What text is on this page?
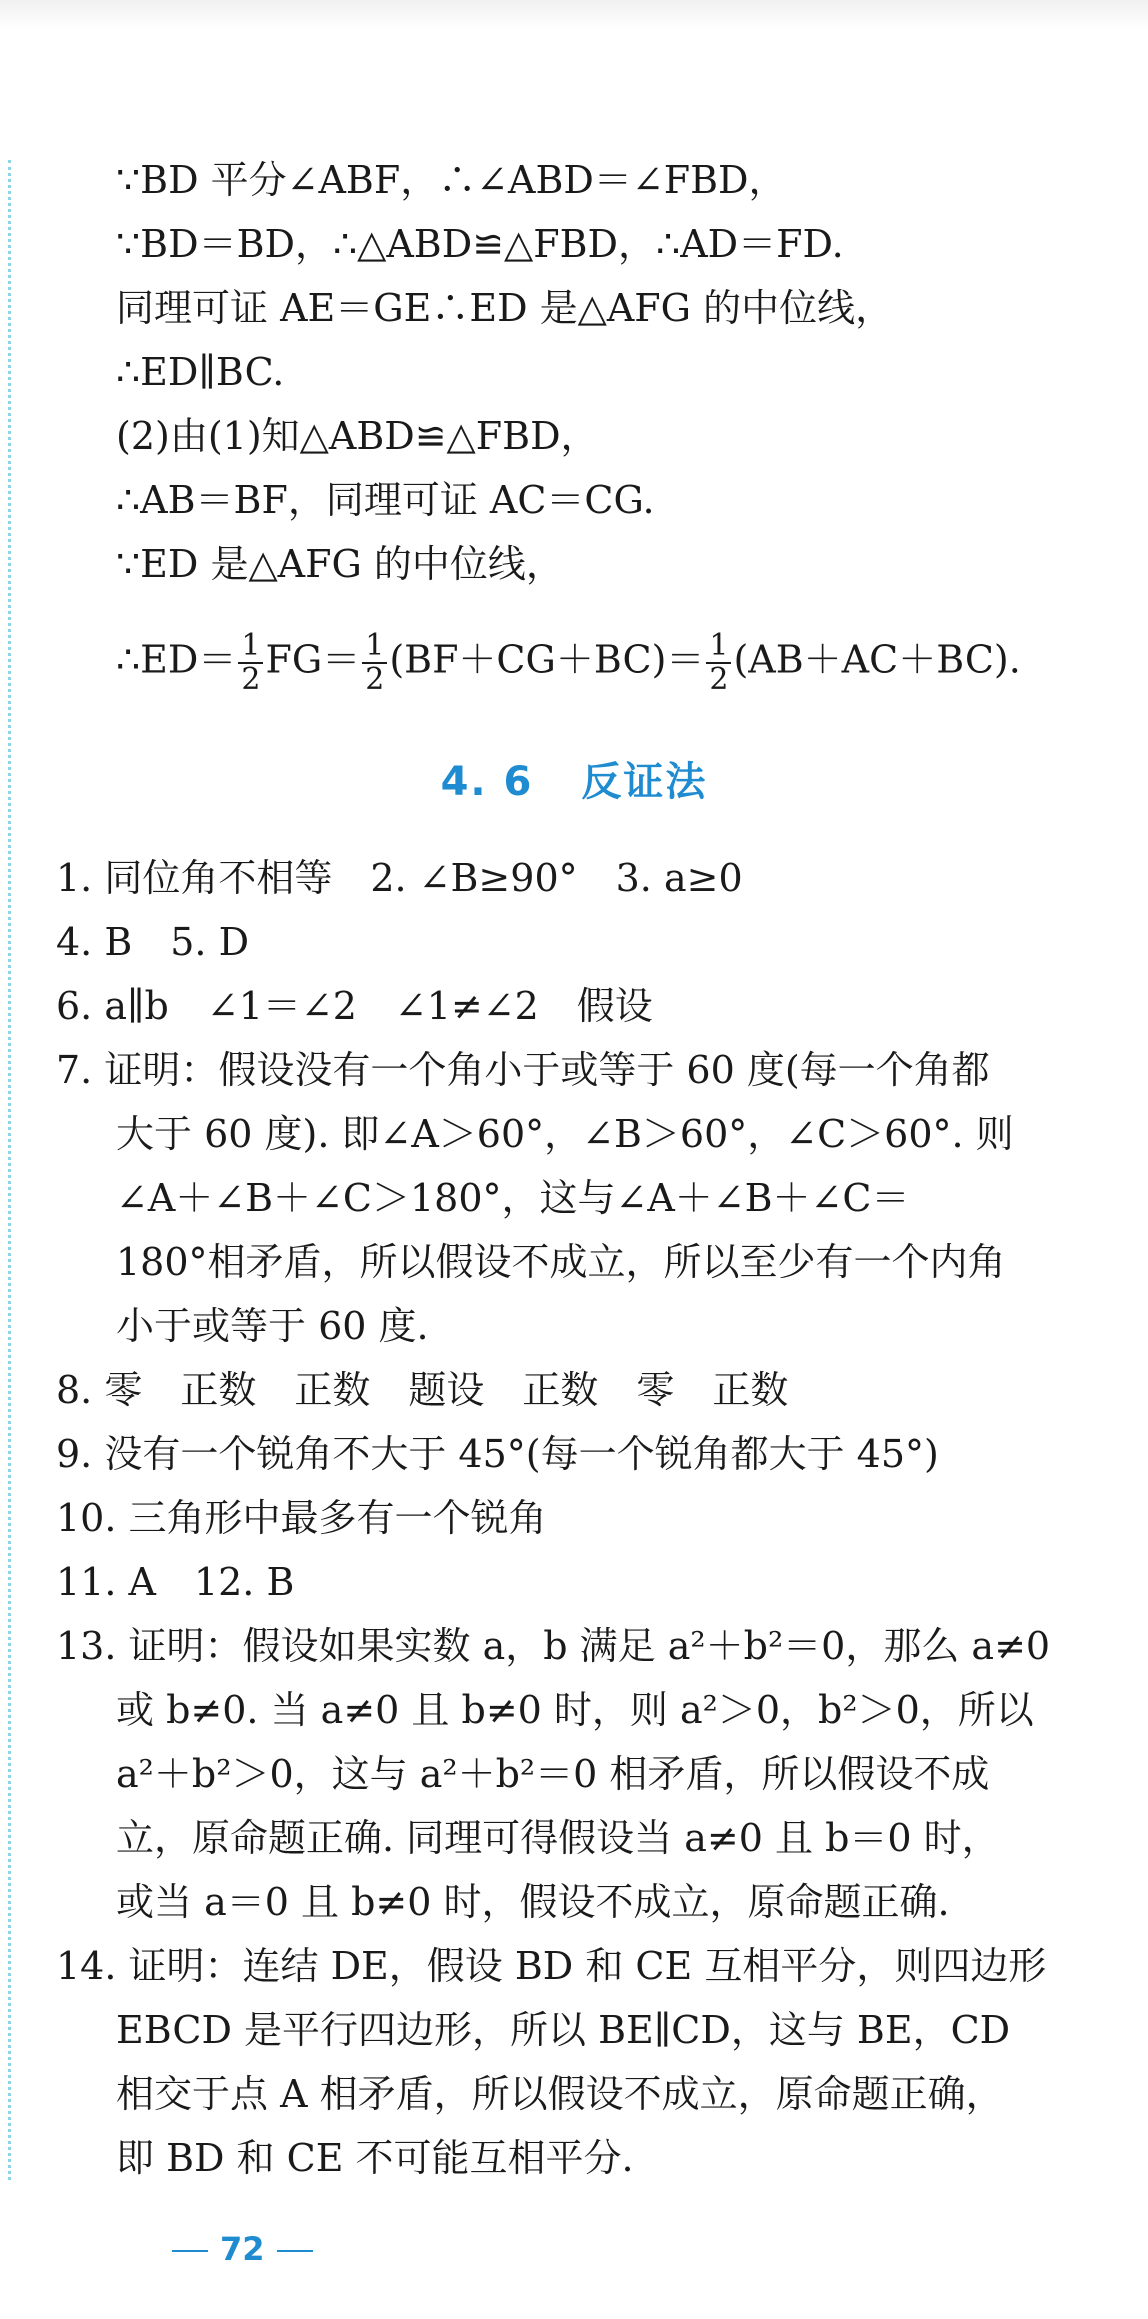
∵BD 平分∠ABF，∴∠ABD＝∠FBD，
∵BD＝BD，∴△ABD≌△FBD，∴AD＝FD.
同理可证 AE＝GE∴ED 是△AFG 的中位线，
∴ED∥BC.
(2)由(1)知△ABD≌△FBD，
∴AB＝BF，同理可证 AC＝CG.
∵ED 是△AFG 的中位线，
∴ED＝ $\frac{1}{2} FG= \frac{1}{2} (BF+CG+BC)= \frac{1}{2} (AB+AC+BC)$.
4. 6 反证法
1. 同位角不相等　2. ∠B≥90°　3. a≥0
4. B　5. D
6. a∥b　∠1＝∠2　∠1≠∠2　假设
7. 证明：假设没有一个角小于或等于 60 度(每一个角都
大于 60 度). 即∠A＞60°，∠B＞60°，∠C＞60°. 则
∠A＋∠B＋∠C＞180°，这与∠A＋∠B＋∠C＝
180°相矛盾，所以假设不成立，所以至少有一个内角
小于或等于 60 度.
8. 零　正数　正数　题设　正数　零　正数
9. 没有一个锐角不大于 45°(每一个锐角都大于 45°)
10. 三角形中最多有一个锐角
11. A　12. B
13. 证明：假设如果实数 a，b 满足 a²＋b²＝0，那么 a≠0
或 b≠0. 当 a≠0 且 b≠0 时，则 a²＞0，b²＞0，所以
a²＋b²＞0，这与 a²＋b²＝0 相矛盾，所以假设不成
立，原命题正确. 同理可得假设当 a≠0 且 b＝0 时，
或当 a＝0 且 b≠0 时，假设不成立，原命题正确.
14. 证明：连结 DE，假设 BD 和 CE 互相平分，则四边形
EBCD 是平行四边形，所以 BE∥CD，这与 BE，CD
相交于点 A 相矛盾，所以假设不成立，原命题正确，
即 BD 和 CE 不可能互相平分.
72
